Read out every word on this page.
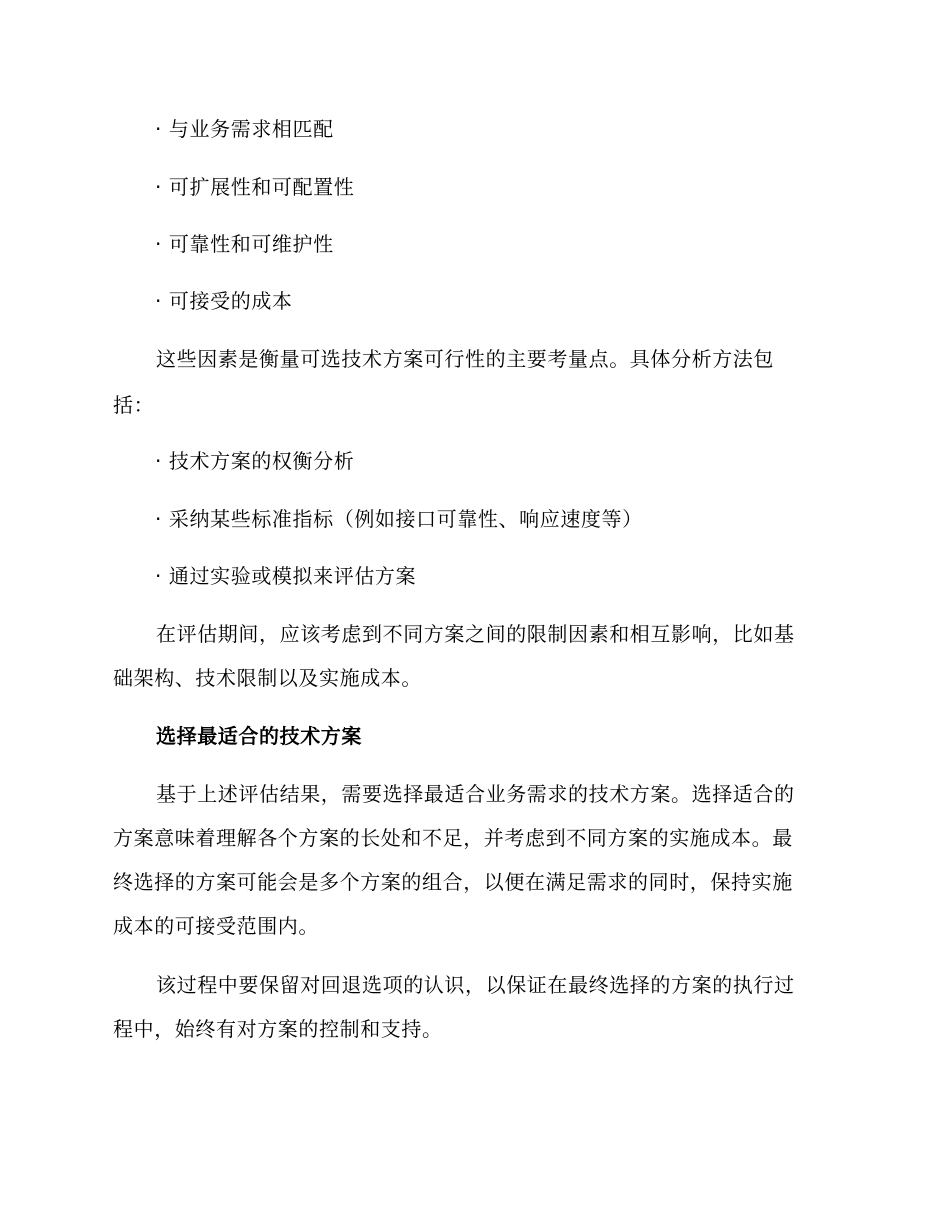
· 与业务需求相匹配
· 可扩展性和可配置性
· 可靠性和可维护性
· 可接受的成本
这些因素是衡量可选技术方案可行性的主要考量点。具体分析方法包
括：
· 技术方案的权衡分析
· 采纳某些标准指标（例如接口可靠性、响应速度等）
· 通过实验或模拟来评估方案
在评估期间，应该考虑到不同方案之间的限制因素和相互影响，比如基
础架构、技术限制以及实施成本。
选择最适合的技术方案
基于上述评估结果，需要选择最适合业务需求的技术方案。选择适合的
方案意味着理解各个方案的长处和不足，并考虑到不同方案的实施成本。最
终选择的方案可能会是多个方案的组合，以便在满足需求的同时，保持实施
成本的可接受范围内。
该过程中要保留对回退选项的认识，以保证在最终选择的方案的执行过
程中，始终有对方案的控制和支持。
